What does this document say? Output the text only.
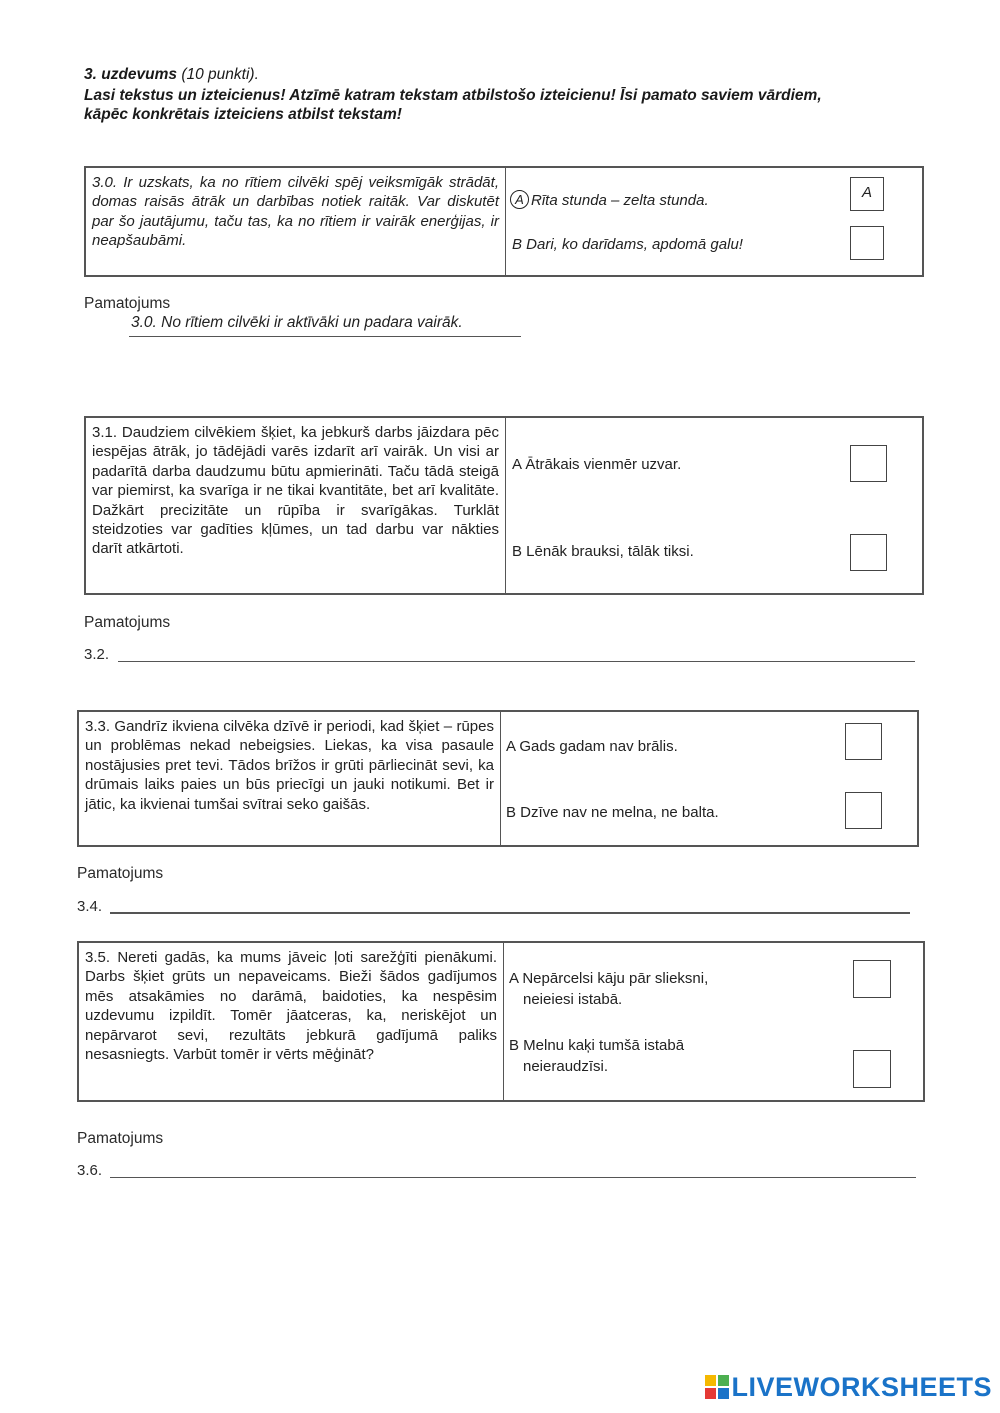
3. uzdevums (10 punkti).
Lasi tekstus un izteicienus! Atzīmē katram tekstam atbilstošo izteicienu! Īsi pamato saviem vārdiem,
kāpēc konkrētais izteiciens atbilst tekstam!
3.0. Ir uzskats, ka no rītiem cilvēki spēj veiksmīgāk strādāt, domas raisās ātrāk un darbības notiek raitāk. Var diskutēt par šo jautājumu, taču tas, ka no rītiem ir vairāk enerģijas, ir neapšaubāmi.
A Rīta stunda – zelta stunda.
B Dari, ko darīdams, apdomā galu!
A
Pamatojums
3.0. No rītiem cilvēki ir aktīvāki un padara vairāk.
3.1. Daudziem cilvēkiem šķiet, ka jebkurš darbs jāizdara pēc iespējas ātrāk, jo tādējādi varēs izdarīt arī vairāk. Un visi ar padarītā darba daudzumu būtu apmierināti. Taču tādā steigā var piemirst, ka svarīga ir ne tikai kvantitāte, bet arī kvalitāte. Dažkārt precizitāte un rūpība ir svarīgākas. Turklāt steidzoties var gadīties kļūmes, un tad darbu var nākties darīt atkārtoti.
A Ātrākais vienmēr uzvar.
B Lēnāk brauksi, tālāk tiksi.
Pamatojums
3.2.
3.3. Gandrīz ikviena cilvēka dzīvē ir periodi, kad šķiet – rūpes un problēmas nekad nebeigsies. Liekas, ka visa pasaule nostājusies pret tevi. Tādos brīžos ir grūti pārliecināt sevi, ka drūmais laiks paies un būs priecīgi un jauki notikumi. Bet ir jātic, ka ikvienai tumšai svītrai seko gaišās.
A Gads gadam nav brālis.
B Dzīve nav ne melna, ne balta.
Pamatojums
3.4.
3.5. Nereti gadās, ka mums jāveic ļoti sarežģīti pienākumi. Darbs šķiet grūts un nepaveicams. Bieži šādos gadījumos mēs atsakāmies no darāmā, baidoties, ka nespēsim uzdevumu izpildīt. Tomēr jāatceras, ka, neriskējot un nepārvarot sevi, rezultāts jebkurā gadījumā paliks nesasniegts. Varbūt tomēr ir vērts mēģināt?
A Nepārcelsi kāju pār slieksni,
neieiesi istabā.
B Melnu kaķi tumšā istabā
neieraudzīsi.
Pamatojums
3.6.
LIVEWORKSHEETS
